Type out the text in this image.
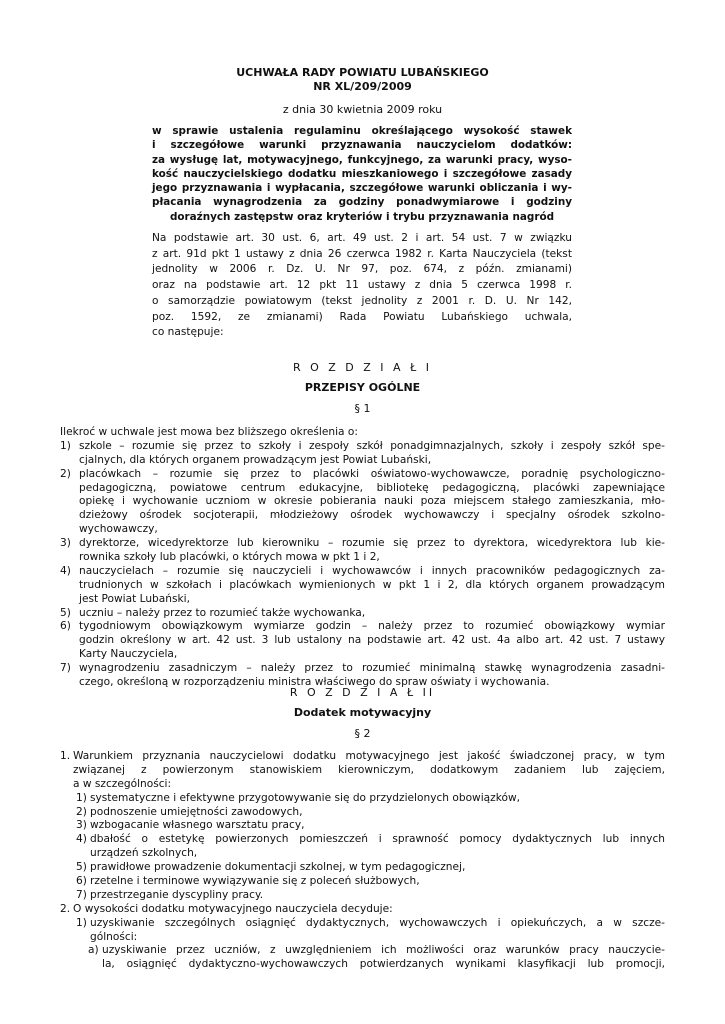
UCHWAŁA RADY POWIATU LUBAŃSKIEGO
NR XL/209/2009
z dnia 30 kwietnia 2009 roku
w sprawie ustalenia regulaminu określającego wysokość stawek
i szczegółowe warunki przyznawania nauczycielom dodatków:
za wysługę lat, motywacyjnego, funkcyjnego, za warunki pracy, wyso-
kość nauczycielskiego dodatku mieszkaniowego i szczegółowe zasady
jego przyznawania i wypłacania, szczegółowe warunki obliczania i wy-
płacania wynagrodzenia za godziny ponadwymiarowe i godziny
doraźnych zastępstw oraz kryteriów i trybu przyznawania nagród
Na podstawie art. 30 ust. 6, art. 49 ust. 2 i art. 54 ust. 7 w związku
z art. 91d pkt 1 ustawy z dnia 26 czerwca 1982 r. Karta Nauczyciela (tekst
jednolity w 2006 r. Dz. U. Nr 97, poz. 674, z późn. zmianami)
oraz na podstawie art. 12 pkt 11 ustawy z dnia 5 czerwca 1998 r.
o samorządzie powiatowym (tekst jednolity z 2001 r. D. U. Nr 142,
poz. 1592, ze zmianami) Rada Powiatu Lubańskiego uchwala,
co następuje:
R O Z D Z I A Ł I
PRZEPISY OGÓLNE
§ 1
Ilekroć w uchwale jest mowa bez bliższego określenia o:
1) szkole – rozumie się przez to szkoły i zespoły szkół ponadgimnazjalnych, szkoły i zespoły szkół spe-
cjalnych, dla których organem prowadzącym jest Powiat Lubański,
2) placówkach – rozumie się przez to placówki oświatowo-wychowawcze, poradnię psychologiczno-
pedagogiczną, powiatowe centrum edukacyjne, bibliotekę pedagogiczną, placówki zapewniające
opiekę i wychowanie uczniom w okresie pobierania nauki poza miejscem stałego zamieszkania, mło-
dzieżowy ośrodek socjoterapii, młodzieżowy ośrodek wychowawczy i specjalny ośrodek szkolno-
wychowawczy,
3) dyrektorze, wicedyrektorze lub kierowniku – rozumie się przez to dyrektora, wicedyrektora lub kie-
rownika szkoły lub placówki, o których mowa w pkt 1 i 2,
4) nauczycielach – rozumie się nauczycieli i wychowawców i innych pracowników pedagogicznych za-
trudnionych w szkołach i placówkach wymienionych w pkt 1 i 2, dla których organem prowadzącym
jest Powiat Lubański,
5) uczniu – należy przez to rozumieć także wychowanka,
6) tygodniowym obowiązkowym wymiarze godzin – należy przez to rozumieć obowiązkowy wymiar
godzin określony w art. 42 ust. 3 lub ustalony na podstawie art. 42 ust. 4a albo art. 42 ust. 7 ustawy
Karty Nauczyciela,
7) wynagrodzeniu zasadniczym – należy przez to rozumieć minimalną stawkę wynagrodzenia zasadni-
czego, określoną w rozporządzeniu ministra właściwego do spraw oświaty i wychowania.
R O Z D Z I A Ł II
Dodatek motywacyjny
§ 2
1. Warunkiem przyznania nauczycielowi dodatku motywacyjnego jest jakość świadczonej pracy, w tym
związanej z powierzonym stanowiskiem kierowniczym, dodatkowym zadaniem lub zajęciem,
a w szczególności:
1) systematyczne i efektywne przygotowywanie się do przydzielonych obowiązków,
2) podnoszenie umiejętności zawodowych,
3) wzbogacanie własnego warsztatu pracy,
4) dbałość o estetykę powierzonych pomieszczeń i sprawność pomocy dydaktycznych lub innych
urządzeń szkolnych,
5) prawidłowe prowadzenie dokumentacji szkolnej, w tym pedagogicznej,
6) rzetelne i terminowe wywiązywanie się z poleceń służbowych,
7) przestrzeganie dyscypliny pracy.
2. O wysokości dodatku motywacyjnego nauczyciela decyduje:
1) uzyskiwanie szczególnych osiągnięć dydaktycznych, wychowawczych i opiekuńczych, a w szcze-
gólności:
a) uzyskiwanie przez uczniów, z uwzględnieniem ich możliwości oraz warunków pracy nauczycie-
la, osiągnięć dydaktyczno-wychowawczych potwierdzanych wynikami klasyfikacji lub promocji,
